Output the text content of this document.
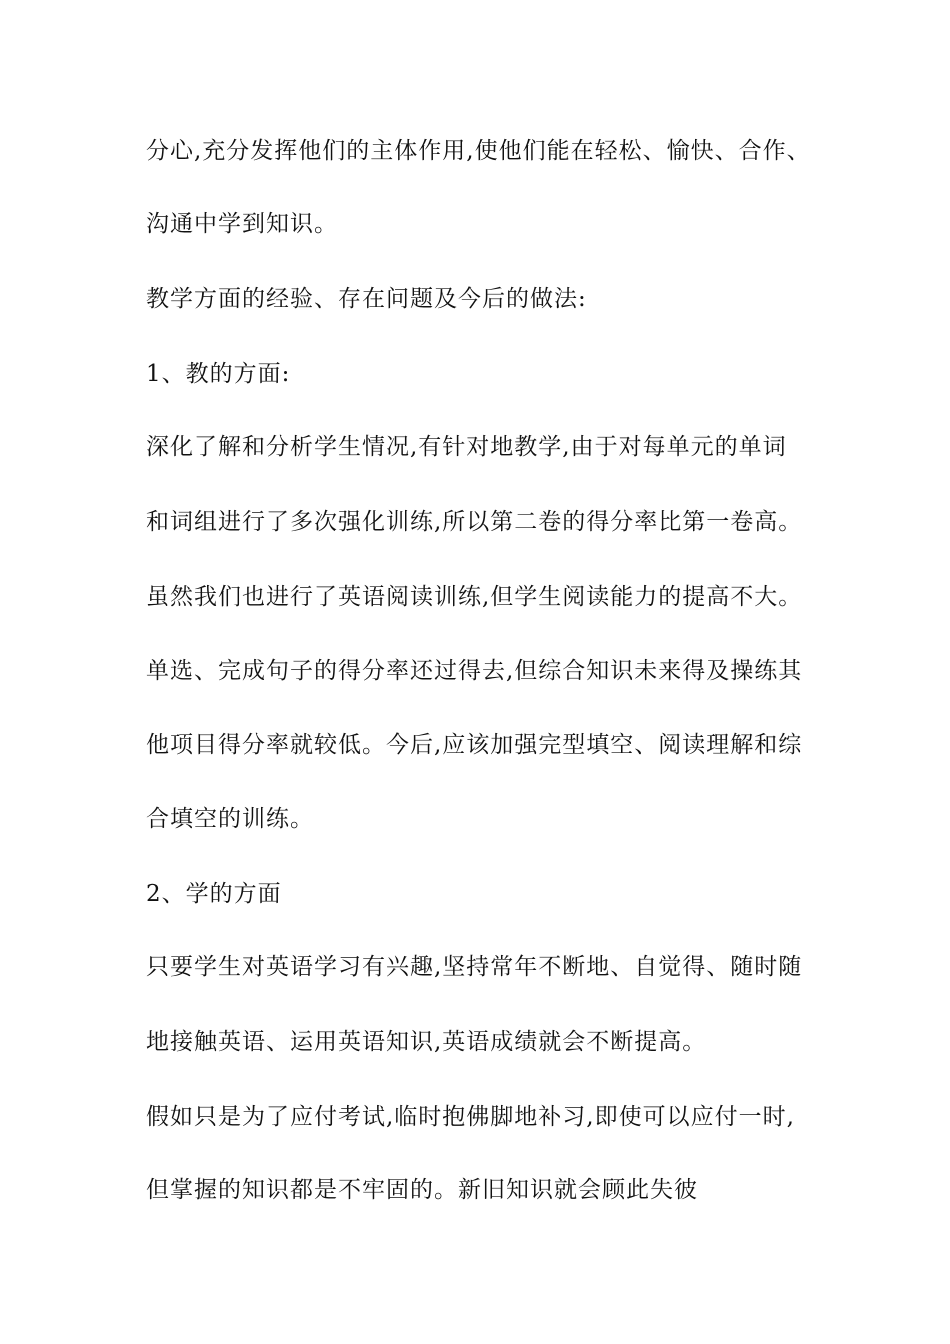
分心,充分发挥他们的主体作用,使他们能在轻松、愉快、合作、
沟通中学到知识。
教学方面的经验、存在问题及今后的做法:
1、教的方面:
深化了解和分析学生情况,有针对地教学,由于对每单元的单词
和词组进行了多次强化训练,所以第二卷的得分率比第一卷高。
虽然我们也进行了英语阅读训练,但学生阅读能力的提高不大。
单选、完成句子的得分率还过得去,但综合知识未来得及操练其
他项目得分率就较低。今后,应该加强完型填空、阅读理解和综
合填空的训练。
2、学的方面
只要学生对英语学习有兴趣,坚持常年不断地、自觉得、随时随
地接触英语、运用英语知识,英语成绩就会不断提高。
假如只是为了应付考试,临时抱佛脚地补习,即使可以应付一时,
但掌握的知识都是不牢固的。新旧知识就会顾此失彼
